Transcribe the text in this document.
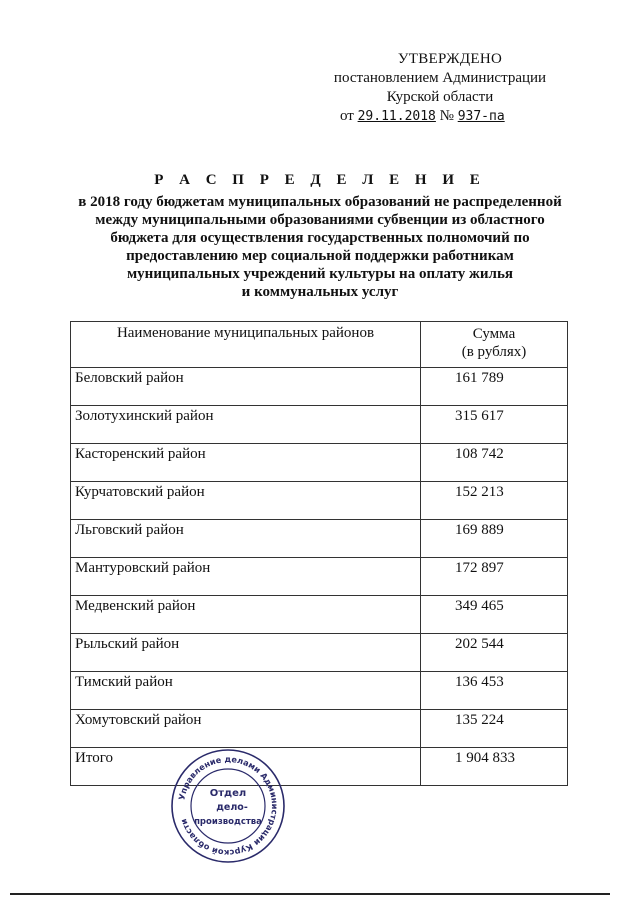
УТВЕРЖДЕНО
постановлением Администрации
Курской области
от 29.11.2018 № 937-па
Р А С П Р Е Д Е Л Е Н И Е
в 2018 году бюджетам муниципальных образований не распределенной
между муниципальными образованиями субвенции из областного
бюджета для осуществления государственных полномочий по
предоставлению мер социальной поддержки работникам
муниципальных учреждений культуры на оплату жилья
и коммунальных услуг
Наименование муниципальных районов	Сумма
(в рублях)

Беловский район	161 789
Золотухинский район	315 617
Касторенский район	108 742
Курчатовский район	152 213
Льговский район	169 889
Мантуровский район	172 897
Медвенский район	349 465
Рыльский район	202 544
Тимский район	136 453
Хомутовский район	135 224
Итого	1 904 833
Управление делами Администрации Курской области
Отдел
дело-
производства
